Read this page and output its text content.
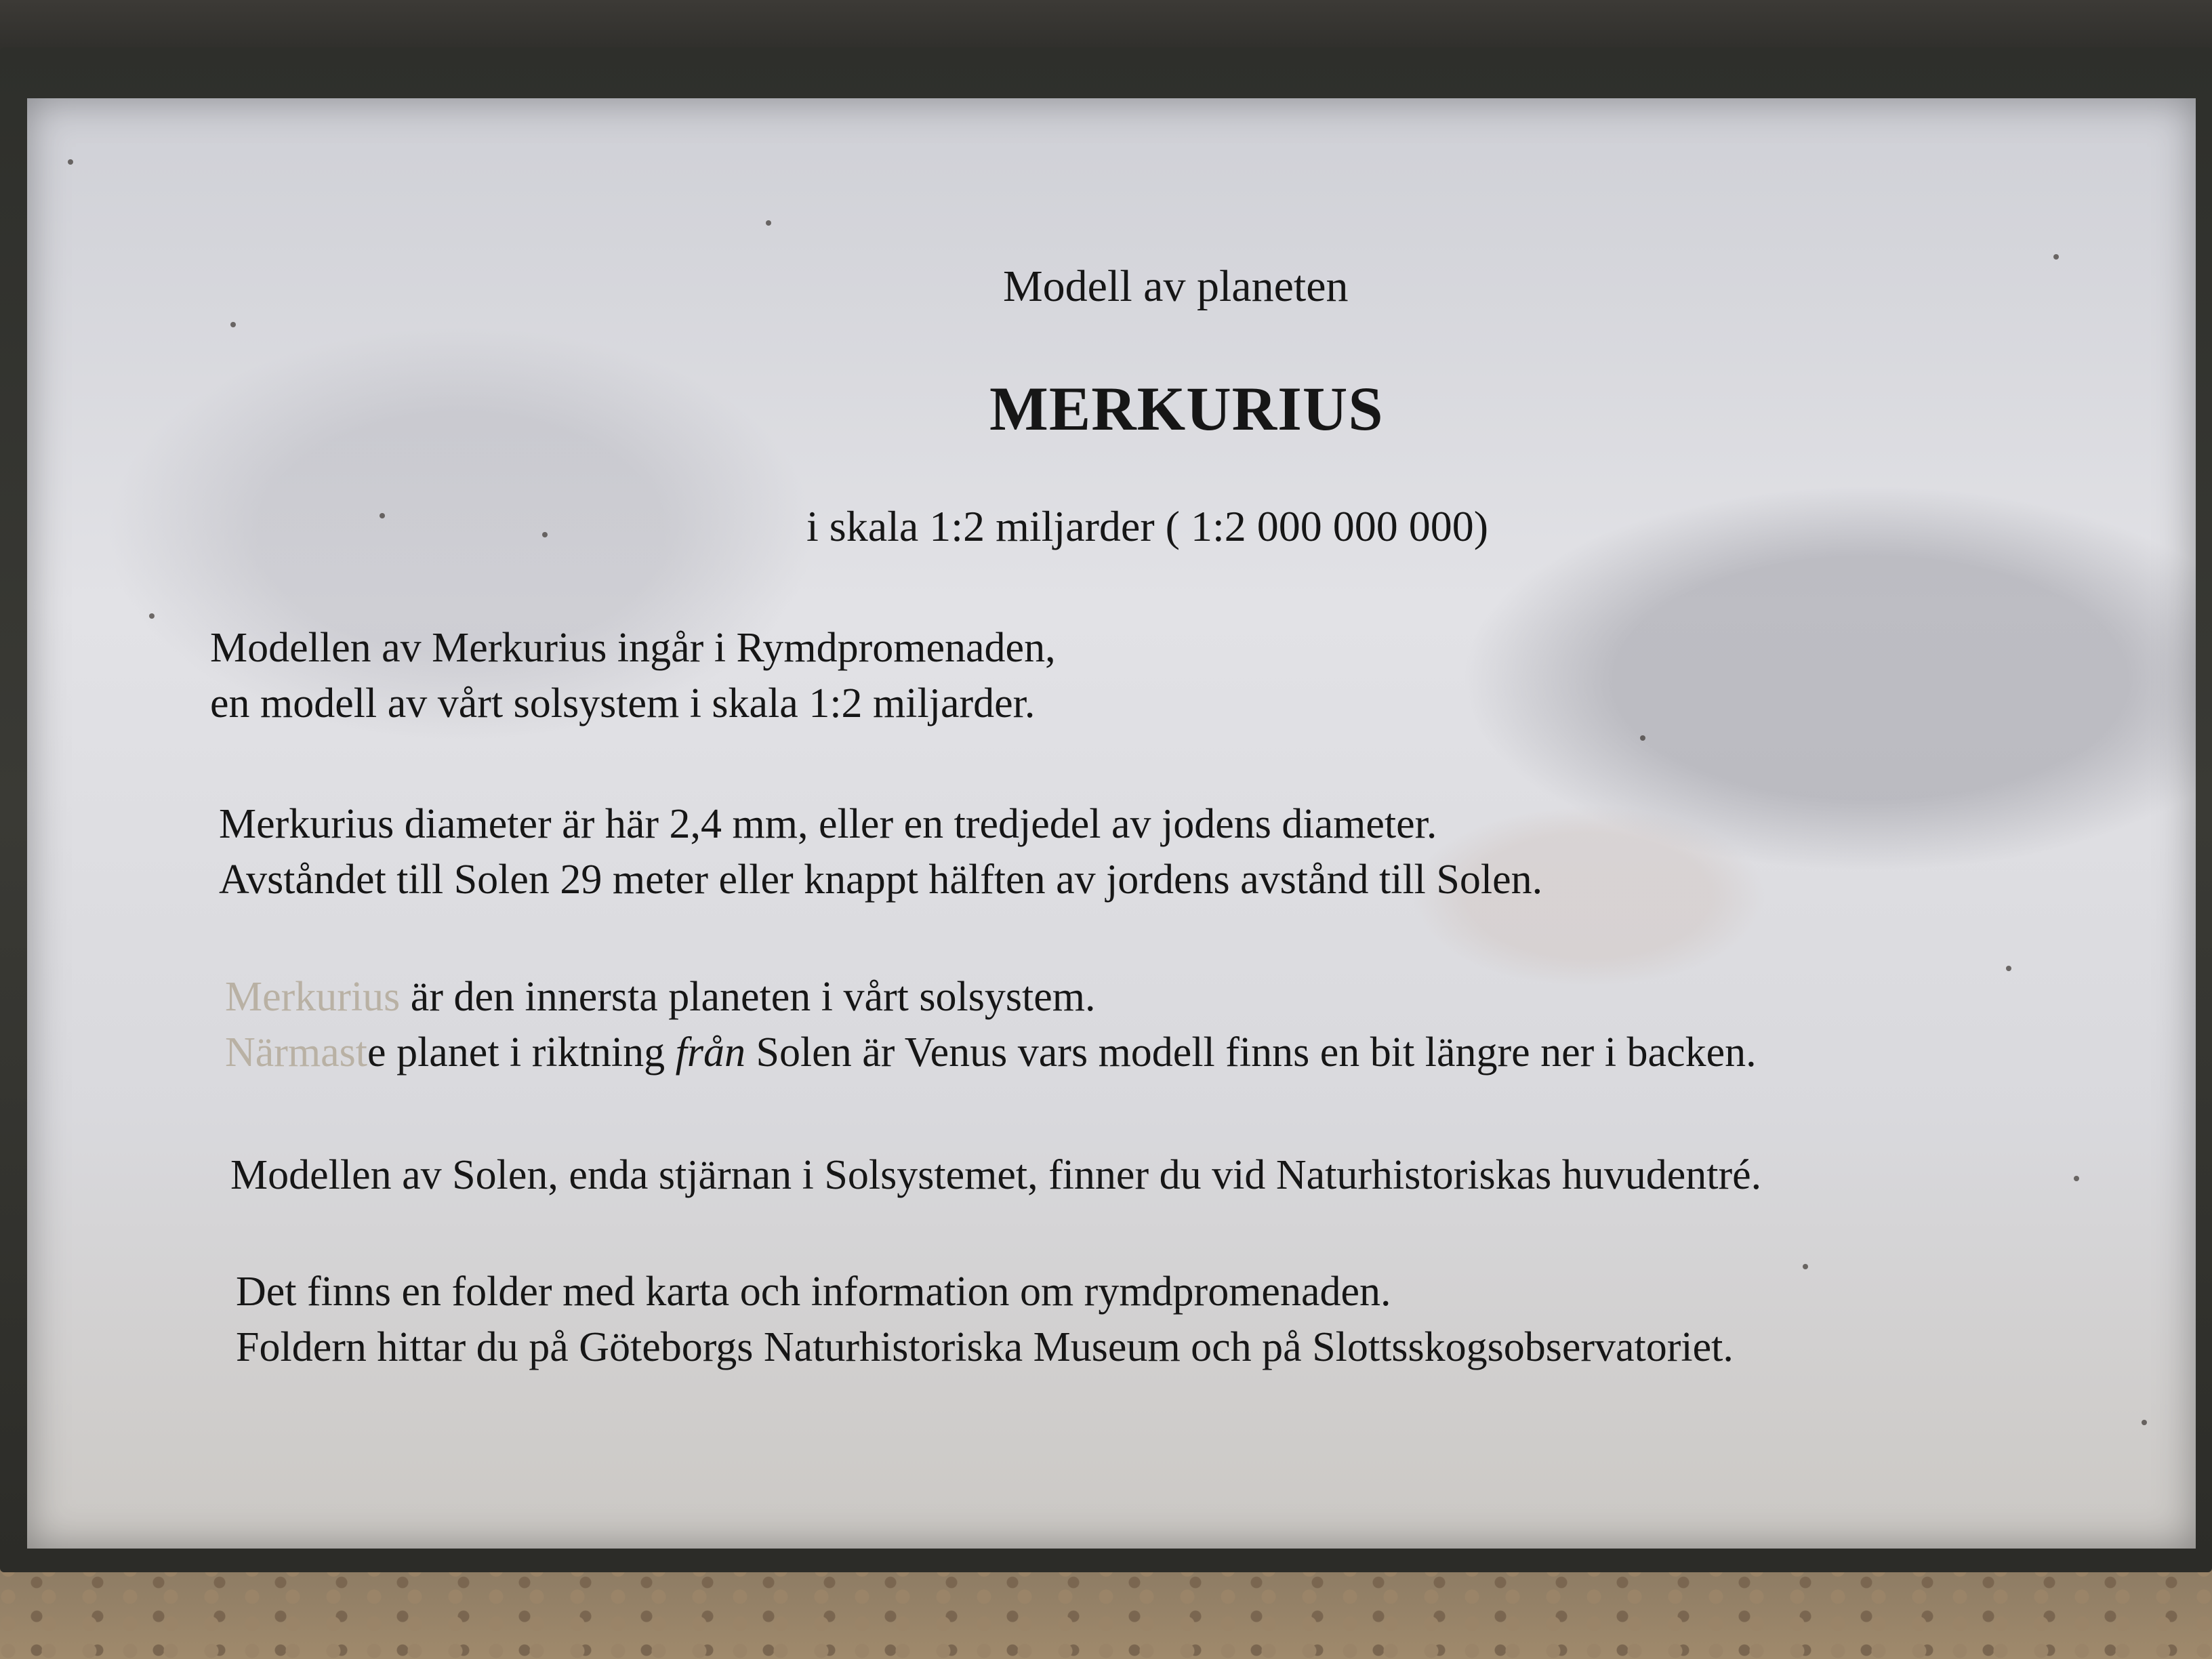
Modell av planeten
MERKURIUS
i skala 1:2 miljarder ( 1:2 000 000 000)

Modellen av Merkurius ingår i Rymdpromenaden,

en modell av vårt solsystem i skala 1:2 miljarder.

Merkurius diameter är här 2,4 mm, eller en tredjedel av jodens diameter.

Avståndet till Solen 29 meter eller knappt hälften av jordens avstånd till Solen.

Merkurius är den innersta planeten i vårt solsystem.

Närmaste planet i riktning från Solen är Venus vars modell finns en bit längre ner i backen.

Modellen av Solen, enda stjärnan i Solsystemet, finner du vid Naturhistoriskas huvudentré.

Det finns en folder med karta och information om rymdpromenaden.

Foldern hittar du på Göteborgs Naturhistoriska Museum och på Slottsskogsobservatoriet.
